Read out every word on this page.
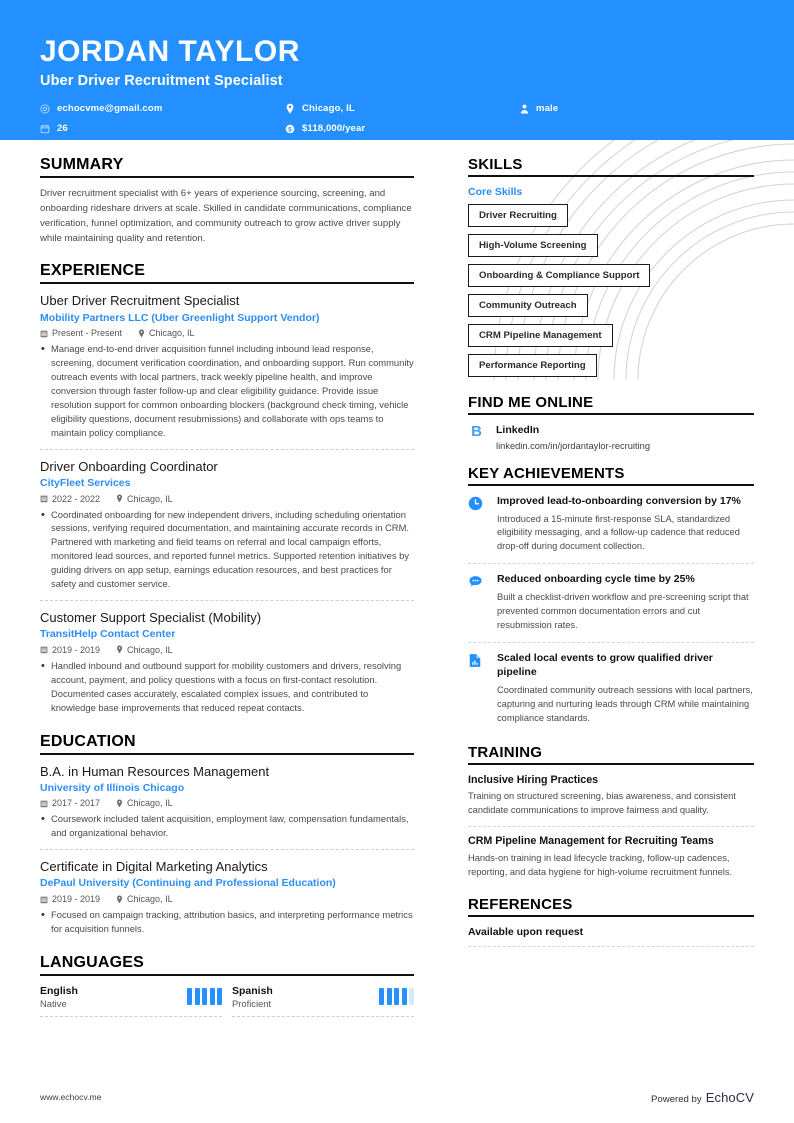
JORDAN TAYLOR
Uber Driver Recruitment Specialist
echocvme@gmail.com
26
Chicago, IL
$ $118,000/year
male
SUMMARY
Driver recruitment specialist with 6+ years of experience sourcing, screening, and onboarding rideshare drivers at scale. Skilled in candidate communications, compliance verification, funnel optimization, and community outreach to grow active driver supply while maintaining quality and retention.
EXPERIENCE
Uber Driver Recruitment Specialist
Mobility Partners LLC (Uber Greenlight Support Vendor)
Present - Present	Chicago, IL
• Manage end-to-end driver acquisition funnel including inbound lead response, screening, document verification coordination, and onboarding support. Run community outreach events with local partners, track weekly pipeline health, and improve conversion through faster follow-up and clear eligibility guidance. Provide issue resolution support for common onboarding blockers (background check timing, vehicle eligibility questions, document resubmissions) and collaborate with ops teams to maintain policy compliance.
Driver Onboarding Coordinator
CityFleet Services
2022 - 2022	Chicago, IL
• Coordinated onboarding for new independent drivers, including scheduling orientation sessions, verifying required documentation, and maintaining accurate records in CRM. Partnered with marketing and field teams on referral and local campaign efforts, monitored lead sources, and reported funnel metrics. Supported retention initiatives by guiding drivers on app setup, earnings education resources, and best practices for safety and customer service.
Customer Support Specialist (Mobility)
TransitHelp Contact Center
2019 - 2019	Chicago, IL
• Handled inbound and outbound support for mobility customers and drivers, resolving account, payment, and policy questions with a focus on first-contact resolution. Documented cases accurately, escalated complex issues, and contributed to knowledge base improvements that reduced repeat contacts.
EDUCATION
B.A. in Human Resources Management
University of Illinois Chicago
2017 - 2017	Chicago, IL
• Coursework included talent acquisition, employment law, compensation fundamentals, and organizational behavior.
Certificate in Digital Marketing Analytics
DePaul University (Continuing and Professional Education)
2019 - 2019	Chicago, IL
• Focused on campaign tracking, attribution basics, and interpreting performance metrics for acquisition funnels.
LANGUAGES
English
Native
Spanish
Proficient
SKILLS
Core Skills
Driver Recruiting
High-Volume Screening
Onboarding & Compliance Support
Community Outreach
CRM Pipeline Management
Performance Reporting
FIND ME ONLINE
B LinkedIn
linkedin.com/in/jordantaylor-recruiting
KEY ACHIEVEMENTS
Improved lead-to-onboarding conversion by 17%
Introduced a 15-minute first-response SLA, standardized eligibility messaging, and a follow-up cadence that reduced drop-off during document collection.
Reduced onboarding cycle time by 25%
Built a checklist-driven workflow and pre-screening script that prevented common documentation errors and cut resubmission rates.
Scaled local events to grow qualified driver pipeline
Coordinated community outreach sessions with local partners, capturing and nurturing leads through CRM while maintaining compliance standards.
TRAINING
Inclusive Hiring Practices
Training on structured screening, bias awareness, and consistent candidate communications to improve fairness and quality.
CRM Pipeline Management for Recruiting Teams
Hands-on training in lead lifecycle tracking, follow-up cadences, reporting, and data hygiene for high-volume recruitment funnels.
REFERENCES
Available upon request
www.echocv.me	Powered by EchoCV
